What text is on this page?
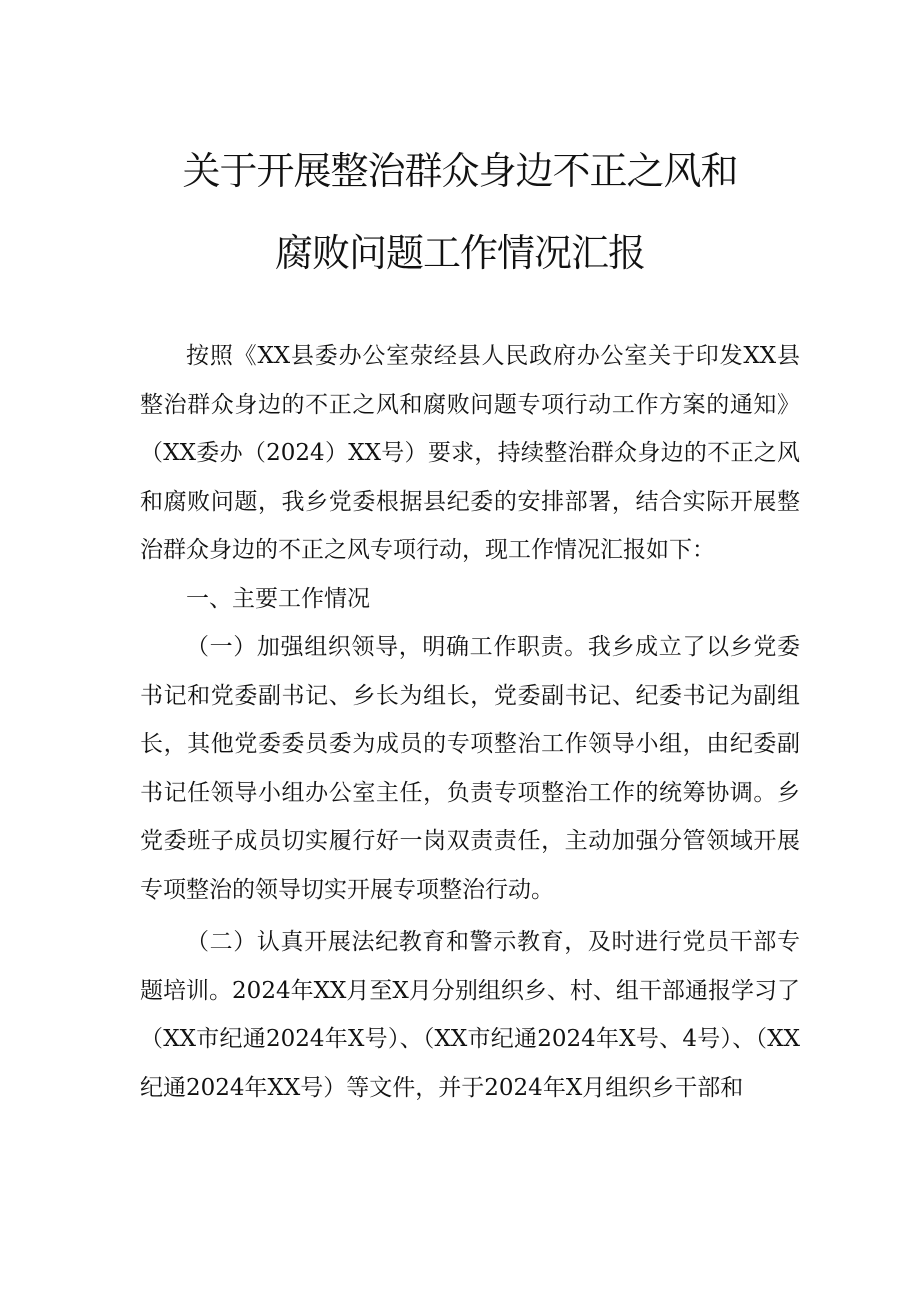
关于开展整治群众身边不正之风和
腐败问题工作情况汇报

按照《XX县委办公室荥经县人民政府办公室关于印发XX县整治群众身边的不正之风和腐败问题专项行动工作方案的通知》（XX委办（2024）XX号）要求，持续整治群众身边的不正之风和腐败问题，我乡党委根据县纪委的安排部署，结合实际开展整治群众身边的不正之风专项行动，现工作情况汇报如下：

一、主要工作情况

（一）加强组织领导，明确工作职责。我乡成立了以乡党委书记和党委副书记、乡长为组长，党委副书记、纪委书记为副组长，其他党委委员委为成员的专项整治工作领导小组，由纪委副书记任领导小组办公室主任，负责专项整治工作的统筹协调。乡党委班子成员切实履行好一岗双责责任，主动加强分管领域开展专项整治的领导切实开展专项整治行动。

（二）认真开展法纪教育和警示教育，及时进行党员干部专题培训。2024年XX月至X月分别组织乡、村、组干部通报学习了（XX市纪通2024年X号）、（XX市纪通2024年X号、4号）、（XX纪通2024年XX号）等文件，并于2024年X月组织乡干部和
